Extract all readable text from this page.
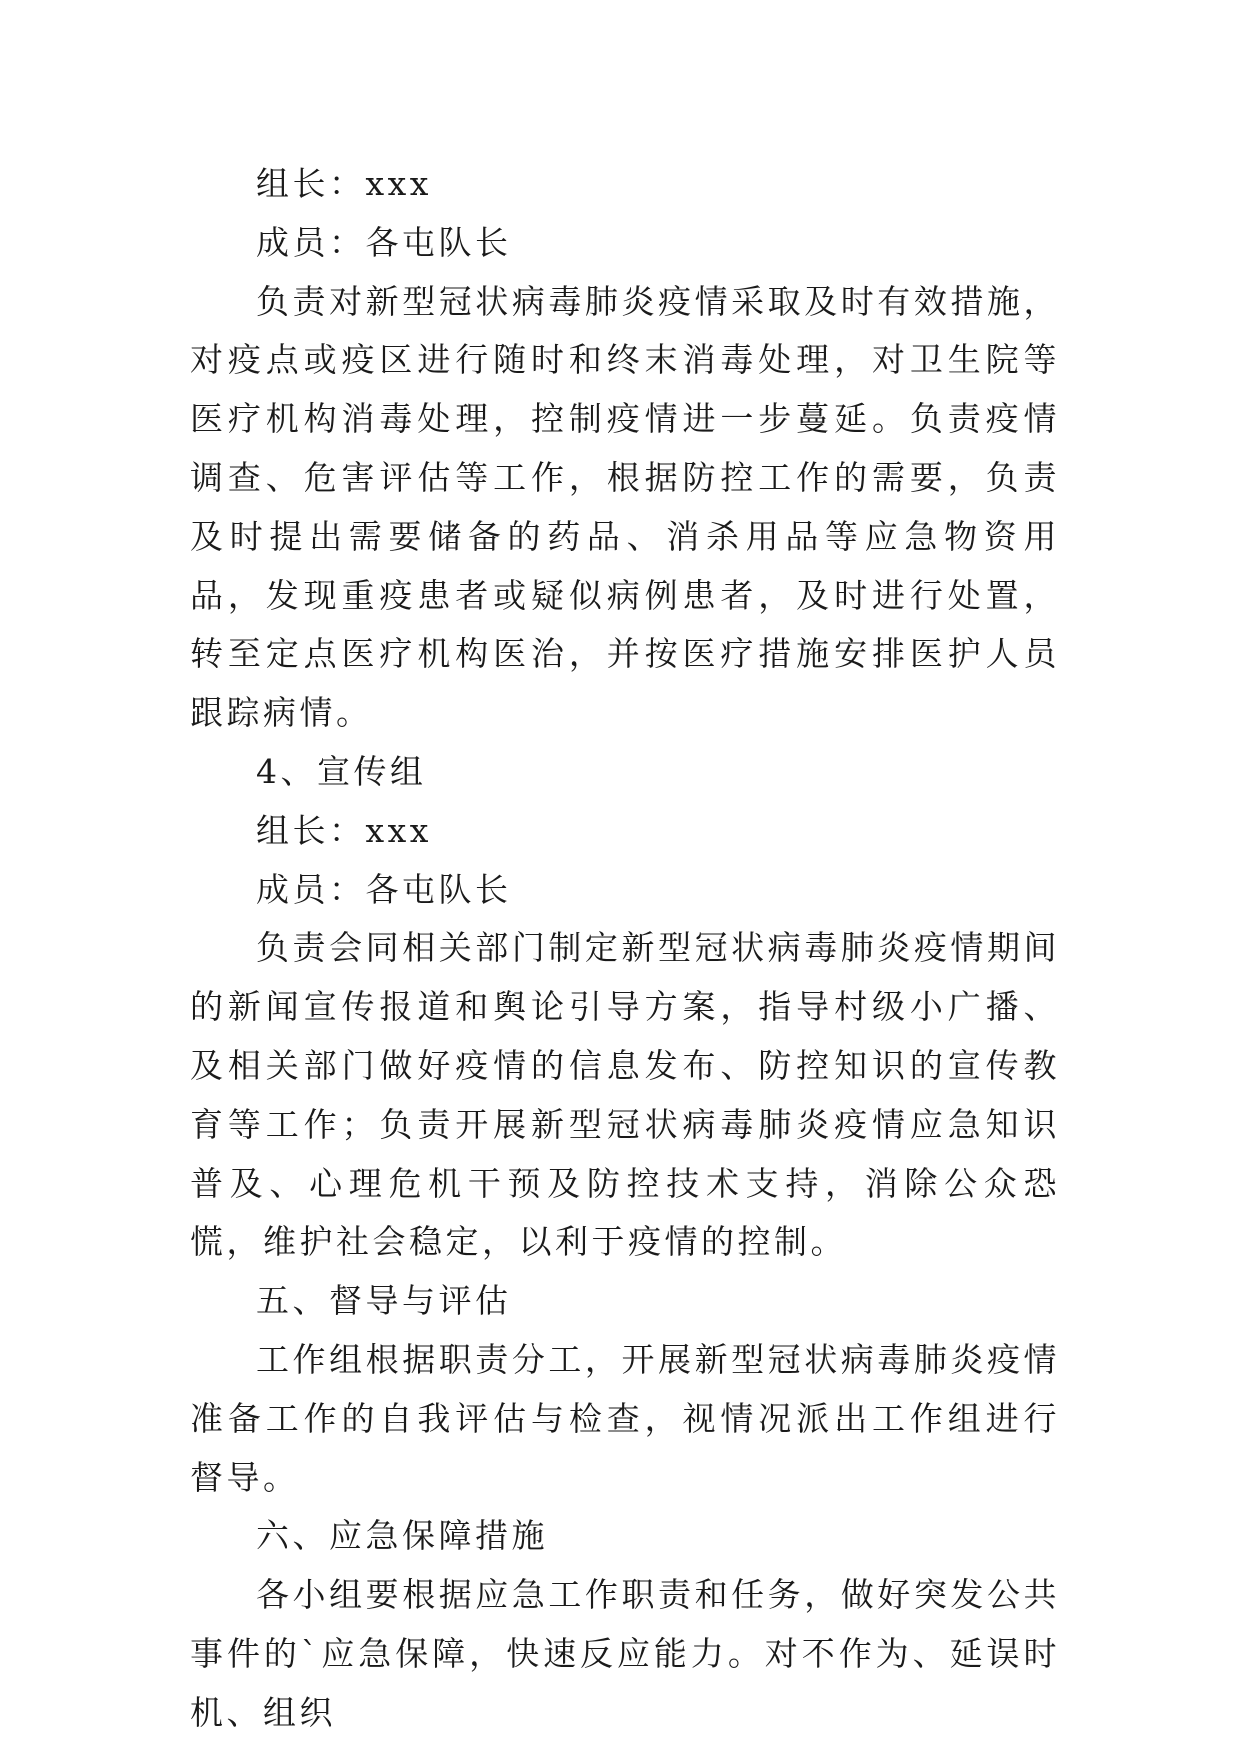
组长：xxx

成员：各屯队长

负责对新型冠状病毒肺炎疫情采取及时有效措施，对疫点或疫区进行随时和终末消毒处理，对卫生院等医疗机构消毒处理，控制疫情进一步蔓延。负责疫情调查、危害评估等工作，根据防控工作的需要，负责及时提出需要储备的药品、消杀用品等应急物资用品，发现重疫患者或疑似病例患者，及时进行处置，转至定点医疗机构医治，并按医疗措施安排医护人员跟踪病情。

4、宣传组

组长：xxx

成员：各屯队长

负责会同相关部门制定新型冠状病毒肺炎疫情期间的新闻宣传报道和舆论引导方案，指导村级小广播、及相关部门做好疫情的信息发布、防控知识的宣传教育等工作；负责开展新型冠状病毒肺炎疫情应急知识普及、心理危机干预及防控技术支持，消除公众恐慌，维护社会稳定，以利于疫情的控制。

五、督导与评估

工作组根据职责分工，开展新型冠状病毒肺炎疫情准备工作的自我评估与检查，视情况派出工作组进行督导。

六、应急保障措施

各小组要根据应急工作职责和任务，做好突发公共事件的`应急保障，快速反应能力。对不作为、延误时机、组织
